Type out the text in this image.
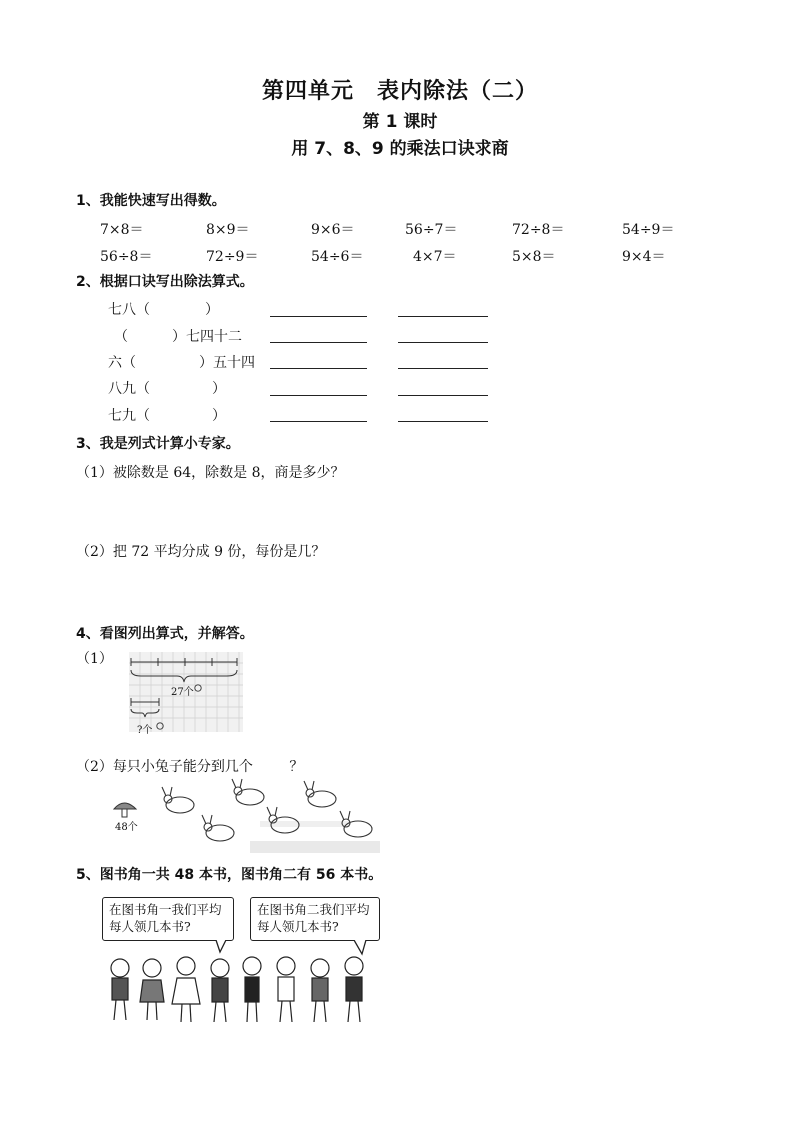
第四单元　表内除法（二）
第 1 课时
用 7、8、9 的乘法口诀求商
1、我能快速写出得数。
7×8＝	8×9＝	9×6＝	56÷7＝	72÷8＝	54÷9＝
56÷8＝	72÷9＝	54÷6＝	4×7＝	5×8＝	9×4＝
2、根据口诀写出除法算式。
七八（	）
（	）七四十二
六（	）五十四
八九（	）
七九（	）
3、我是列式计算小专家。
（1）被除数是 64，除数是 8，商是多少？
（2）把 72 平均分成 9 份，每份是几？
4、看图列出算式，并解答。
（1）
27个
?个
（2）每只小兔子能分到几个	？
48个
5、图书角一共 48 本书，图书角二有 56 本书。
在图书角一我们平均每人领几本书?
在图书角二我们平均每人领几本书?
